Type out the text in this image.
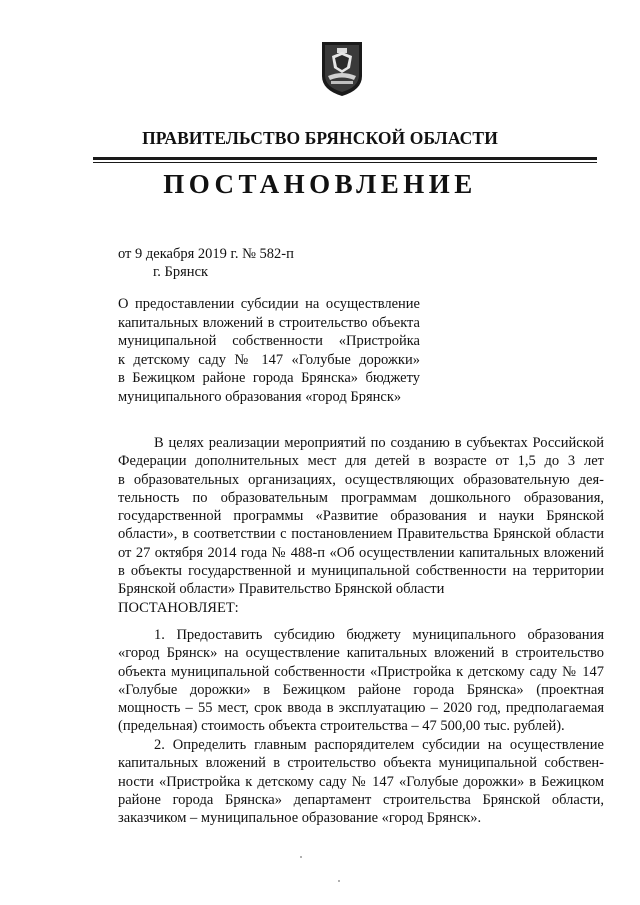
ПРАВИТЕЛЬСТВО БРЯНСКОЙ ОБЛАСТИ
ПОСТАНОВЛЕНИЕ
от 9 декабря 2019 г. № 582-п
г. Брянск
О предоставлении субсидии на осуществление
капитальных вложений в строительство объекта
муниципальной собственности «Пристройка
к детскому саду № 147 «Голубые дорожки»
в Бежицком районе города Брянска» бюджету
муниципального образования «город Брянск»
В целях реализации мероприятий по созданию в субъектах Российской
Федерации дополнительных мест для детей в возрасте от 1,5 до 3 лет
в образовательных организациях, осуществляющих образовательную дея-
тельность по образовательным программам дошкольного образования,
государственной программы «Развитие образования и науки Брянской
области», в соответствии с постановлением Правительства Брянской области
от 27 октября 2014 года № 488-п «Об осуществлении капитальных вложений
в объекты государственной и муниципальной собственности на территории
Брянской области» Правительство Брянской области
ПОСТАНОВЛЯЕТ:
1. Предоставить субсидию бюджету муниципального образования
«город Брянск» на осуществление капитальных вложений в строительство
объекта муниципальной собственности «Пристройка к детскому саду № 147
«Голубые дорожки» в Бежицком районе города Брянска» (проектная
мощность – 55 мест, срок ввода в эксплуатацию – 2020 год, предполагаемая
(предельная) стоимость объекта строительства – 47 500,00 тыс. рублей).
2. Определить главным распорядителем субсидии на осуществление
капитальных вложений в строительство объекта муниципальной собствен-
ности «Пристройка к детскому саду № 147 «Голубые дорожки» в Бежицком
районе города Брянска» департамент строительства Брянской области,
заказчиком – муниципальное образование «город Брянск».
